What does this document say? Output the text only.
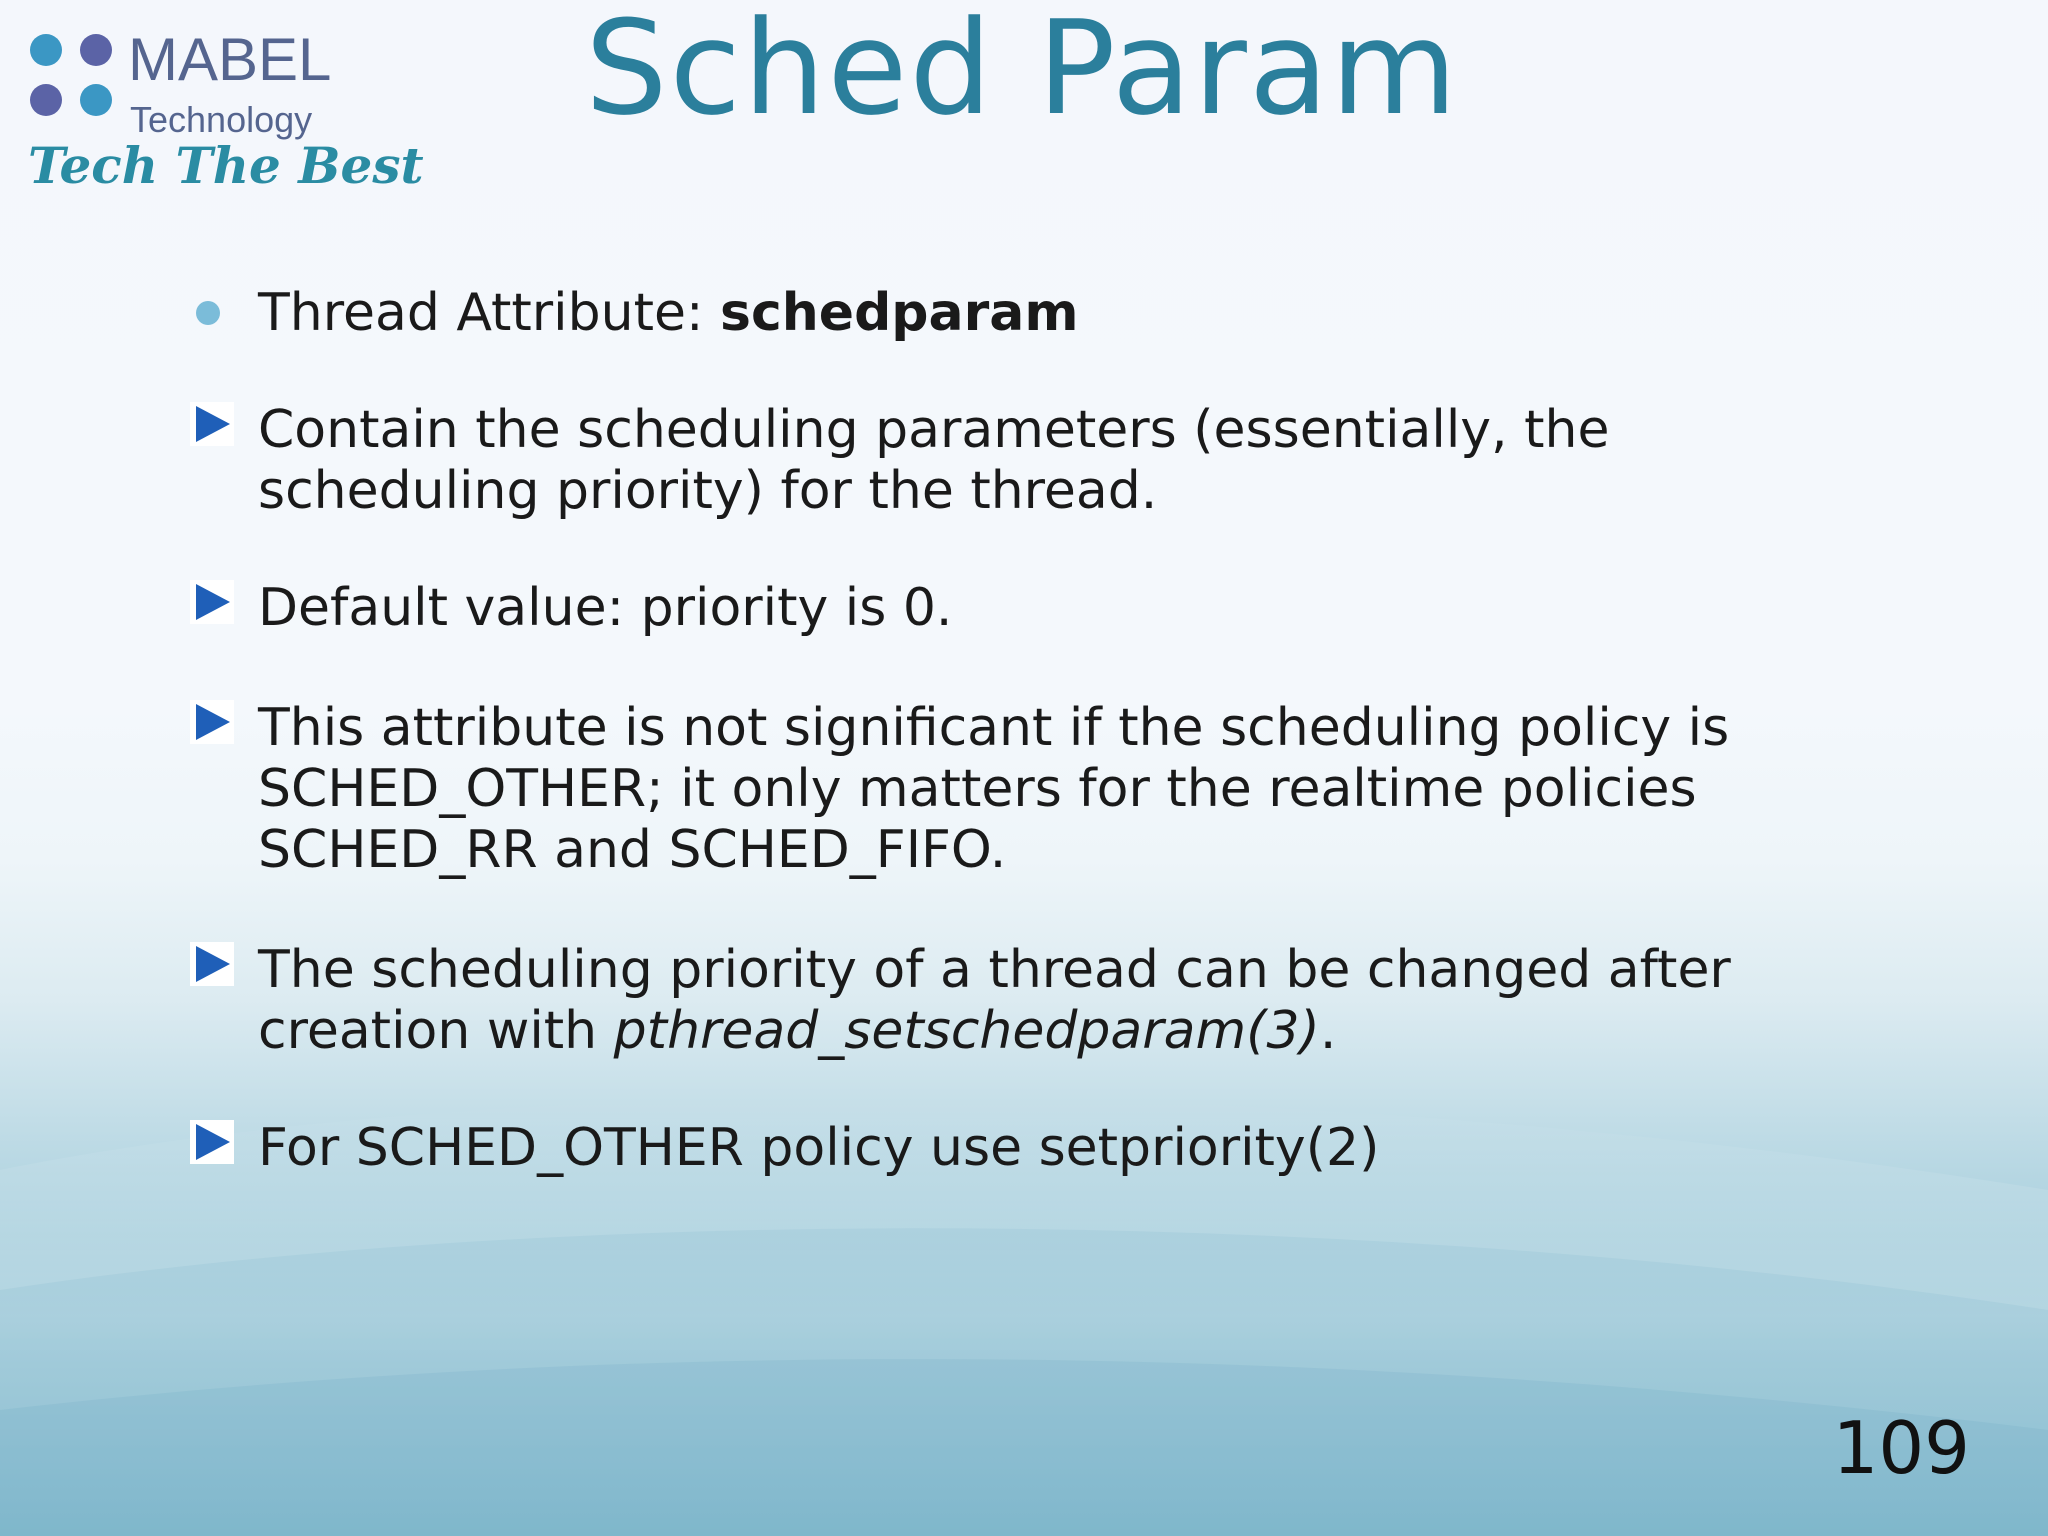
MABEL
Technology
Tech The Best
Sched Param
Thread Attribute: schedparam
Contain the scheduling parameters (essentially, the scheduling priority) for the thread.
Default value: priority is 0.
This attribute is not significant if the scheduling policy is SCHED_OTHER; it only matters for the realtime policies SCHED_RR and SCHED_FIFO.
The scheduling priority of a thread can be changed after creation with pthread_setschedparam(3).
For SCHED_OTHER policy use setpriority(2)
109
